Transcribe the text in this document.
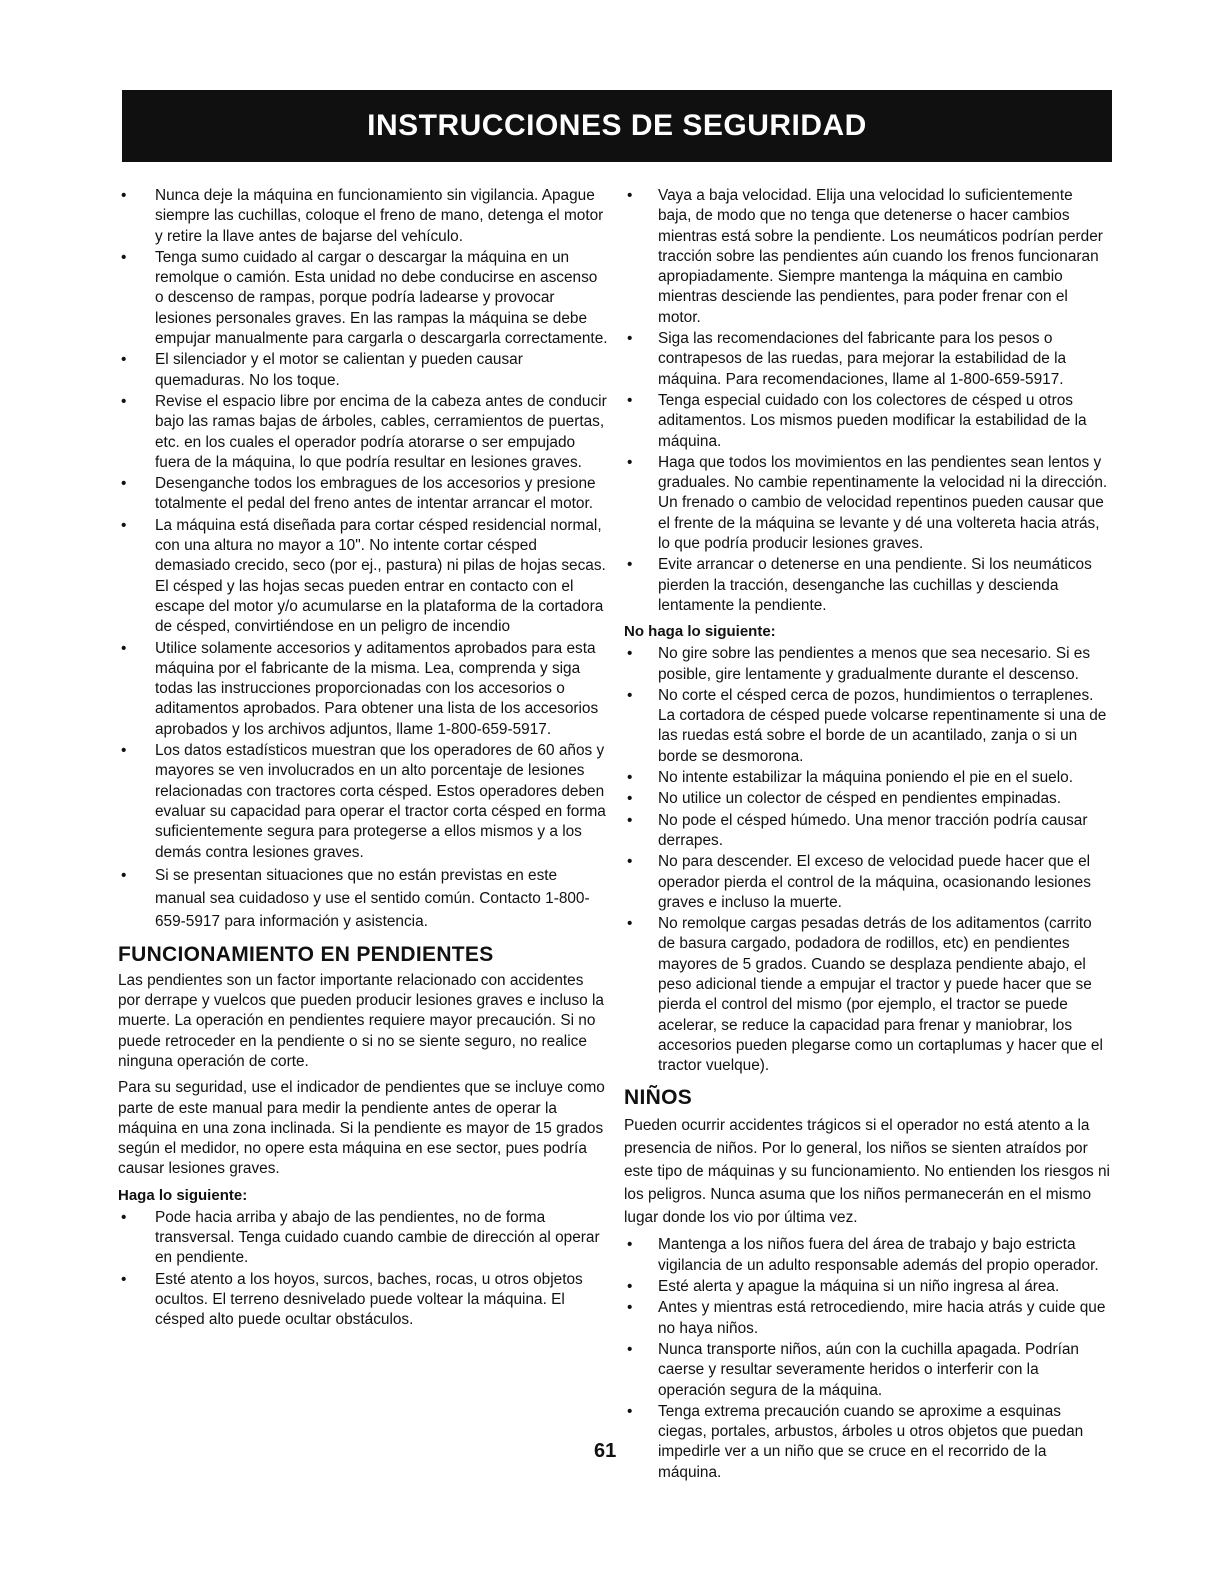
INSTRUCCIONES DE SEGURIDAD
• Nunca deje la máquina en funcionamiento sin vigilancia. Apague siempre las cuchillas, coloque el freno de mano, detenga el motor y retire la llave antes de bajarse del vehículo.
• Tenga sumo cuidado al cargar o descargar la máquina en un remolque o camión. Esta unidad no debe conducirse en ascenso o descenso de rampas, porque podría ladearse y provocar lesiones personales graves. En las rampas la máquina se debe empujar manualmente para cargarla o descargarla correctamente.
• El silenciador y el motor se calientan y pueden causar quemaduras. No los toque.
• Revise el espacio libre por encima de la cabeza antes de conducir bajo las ramas bajas de árboles, cables, cerramientos de puertas, etc. en los cuales el operador podría atorarse o ser empujado fuera de la máquina, lo que podría resultar en lesiones graves.
• Desenganche todos los embragues de los accesorios y presione totalmente el pedal del freno antes de intentar arrancar el motor.
• La máquina está diseñada para cortar césped residencial normal, con una altura no mayor a 10". No intente cortar césped demasiado crecido, seco (por ej., pastura) ni pilas de hojas secas. El césped y las hojas secas pueden entrar en contacto con el escape del motor y/o acumularse en la plataforma de la cortadora de césped, convirtiéndose en un peligro de incendio
• Utilice solamente accesorios y aditamentos aprobados para esta máquina por el fabricante de la misma. Lea, comprenda y siga todas las instrucciones proporcionadas con los accesorios o aditamentos aprobados. Para obtener una lista de los accesorios aprobados y los archivos adjuntos, llame 1-800-659-5917.
• Los datos estadísticos muestran que los operadores de 60 años y mayores se ven involucrados en un alto porcentaje de lesiones relacionadas con tractores corta césped. Estos operadores deben evaluar su capacidad para operar el tractor corta césped en forma suficientemente segura para protegerse a ellos mismos y a los demás contra lesiones graves.
• Si se presentan situaciones que no están previstas en este manual sea cuidadoso y use el sentido común. Contacto 1-800-659-5917 para información y asistencia.
FUNCIONAMIENTO EN PENDIENTES

Las pendientes son un factor importante relacionado con accidentes por derrape y vuelcos que pueden producir lesiones graves e incluso la muerte. La operación en pendientes requiere mayor precaución. Si no puede retroceder en la pendiente o si no se siente seguro, no realice ninguna operación de corte.

Para su seguridad, use el indicador de pendientes que se incluye como parte de este manual para medir la pendiente antes de operar la máquina en una zona inclinada. Si la pendiente es mayor de 15 grados según el medidor, no opere esta máquina en ese sector, pues podría causar lesiones graves.

Haga lo siguiente:
• Pode hacia arriba y abajo de las pendientes, no de forma transversal. Tenga cuidado cuando cambie de dirección al operar en pendiente.
• Esté atento a los hoyos, surcos, baches, rocas, u otros objetos ocultos. El terreno desnivelado puede voltear la máquina. El césped alto puede ocultar obstáculos.
• Vaya a baja velocidad. Elija una velocidad lo suficientemente baja, de modo que no tenga que detenerse o hacer cambios mientras está sobre la pendiente. Los neumáticos podrían perder tracción sobre las pendientes aún cuando los frenos funcionaran apropiadamente. Siempre mantenga la máquina en cambio mientras desciende las pendientes, para poder frenar con el motor.
• Siga las recomendaciones del fabricante para los pesos o contrapesos de las ruedas, para mejorar la estabilidad de la máquina. Para recomendaciones, llame al 1-800-659-5917.
• Tenga especial cuidado con los colectores de césped u otros aditamentos. Los mismos pueden modificar la estabilidad de la máquina.
• Haga que todos los movimientos en las pendientes sean lentos y graduales. No cambie repentinamente la velocidad ni la dirección. Un frenado o cambio de velocidad repentinos pueden causar que el frente de la máquina se levante y dé una voltereta hacia atrás, lo que podría producir lesiones graves.
• Evite arrancar o detenerse en una pendiente. Si los neumáticos pierden la tracción, desenganche las cuchillas y descienda lentamente la pendiente.
No haga lo siguiente:
• No gire sobre las pendientes a menos que sea necesario. Si es posible, gire lentamente y gradualmente durante el descenso.
• No corte el césped cerca de pozos, hundimientos o terraplenes. La cortadora de césped puede volcarse repentinamente si una de las ruedas está sobre el borde de un acantilado, zanja o si un borde se desmorona.
• No intente estabilizar la máquina poniendo el pie en el suelo.
• No utilice un colector de césped en pendientes empinadas.
• No pode el césped húmedo. Una menor tracción podría causar derrapes.
• No para descender. El exceso de velocidad puede hacer que el operador pierda el control de la máquina, ocasionando lesiones graves e incluso la muerte.
• No remolque cargas pesadas detrás de los aditamentos (carrito de basura cargado, podadora de rodillos, etc) en pendientes mayores de 5 grados. Cuando se desplaza pendiente abajo, el peso adicional tiende a empujar el tractor y puede hacer que se pierda el control del mismo (por ejemplo, el tractor se puede acelerar, se reduce la capacidad para frenar y maniobrar, los accesorios pueden plegarse como un cortaplumas y hacer que el tractor vuelque).
NIÑOS

Pueden ocurrir accidentes trágicos si el operador no está atento a la presencia de niños. Por lo general, los niños se sienten atraídos por este tipo de máquinas y su funcionamiento. No entienden los riesgos ni los peligros. Nunca asuma que los niños permanecerán en el mismo lugar donde los vio por última vez.

• Mantenga a los niños fuera del área de trabajo y bajo estricta vigilancia de un adulto responsable además del propio operador.
• Esté alerta y apague la máquina si un niño ingresa al área.
• Antes y mientras está retrocediendo, mire hacia atrás y cuide que no haya niños.
• Nunca transporte niños, aún con la cuchilla apagada. Podrían caerse y resultar severamente heridos o interferir con la operación segura de la máquina.
• Tenga extrema precaución cuando se aproxime a esquinas ciegas, portales, arbustos, árboles u otros objetos que puedan impedirle ver a un niño que se cruce en el recorrido de la máquina.
61
